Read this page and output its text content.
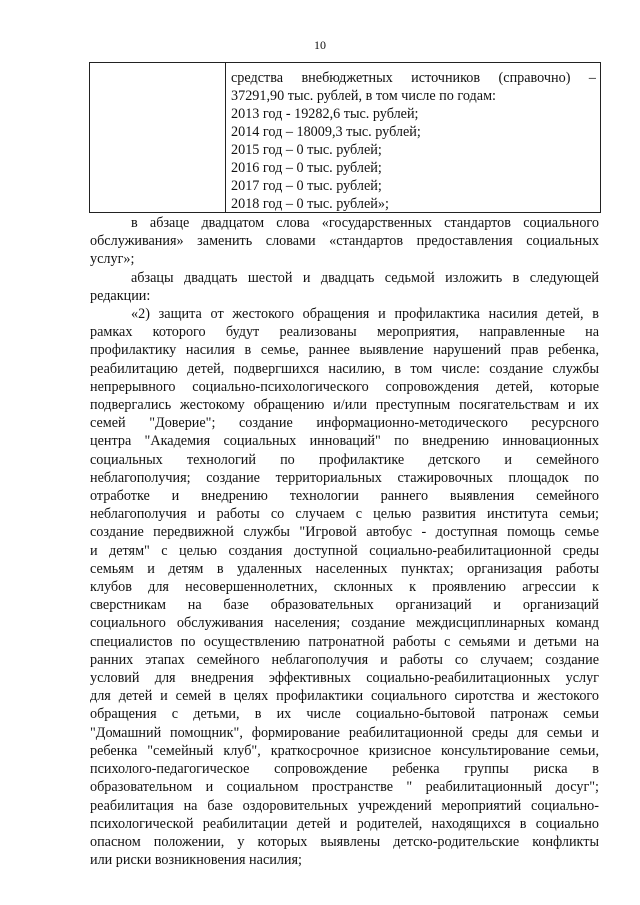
10
средства внебюджетных источников (справочно) –
37291,90 тыс. рублей, в том числе по годам:
2013 год - 19282,6 тыс. рублей;
2014 год – 18009,3 тыс. рублей;
2015 год – 0 тыс. рублей;
2016 год – 0 тыс. рублей;
2017 год – 0 тыс. рублей;
2018 год – 0 тыс. рублей»;
в абзаце двадцатом слова «государственных стандартов социального
обслуживания» заменить словами «стандартов предоставления социальных
услуг»;
абзацы двадцать шестой и двадцать седьмой изложить в следующей
редакции:
«2) защита от жестокого обращения и профилактика насилия детей, в
рамках которого будут реализованы мероприятия, направленные на
профилактику насилия в семье, раннее выявление нарушений прав ребенка,
реабилитацию детей, подвергшихся насилию, в том числе: создание службы
непрерывного социально-психологического сопровождения детей, которые
подвергались жестокому обращению и/или преступным посягательствам и их
семей "Доверие"; создание информационно-методического ресурсного
центра "Академия социальных инноваций" по внедрению инновационных
социальных технологий по профилактике детского и семейного
неблагополучия; создание территориальных стажировочных площадок по
отработке и внедрению технологии раннего выявления семейного
неблагополучия и работы со случаем с целью развития института семьи;
создание передвижной службы "Игровой автобус - доступная помощь семье
и детям" с целью создания доступной социально-реабилитационной среды
семьям и детям в удаленных населенных пунктах; организация работы
клубов для несовершеннолетних, склонных к проявлению агрессии к
сверстникам на базе образовательных организаций и организаций
социального обслуживания населения; создание междисциплинарных команд
специалистов по осуществлению патронатной работы с семьями и детьми на
ранних этапах семейного неблагополучия и работы со случаем; создание
условий для внедрения эффективных социально-реабилитационных услуг
для детей и семей в целях профилактики социального сиротства и жестокого
обращения с детьми, в их числе социально-бытовой патронаж семьи
"Домашний помощник", формирование реабилитационной среды для семьи и
ребенка "семейный клуб", краткосрочное кризисное консультирование семьи,
психолого-педагогическое сопровождение ребенка группы риска в
образовательном и социальном пространстве " реабилитационный досуг";
реабилитация на базе оздоровительных учреждений мероприятий социально-
психологической реабилитации детей и родителей, находящихся в социально
опасном положении, у которых выявлены детско-родительские конфликты
или риски возникновения насилия;
